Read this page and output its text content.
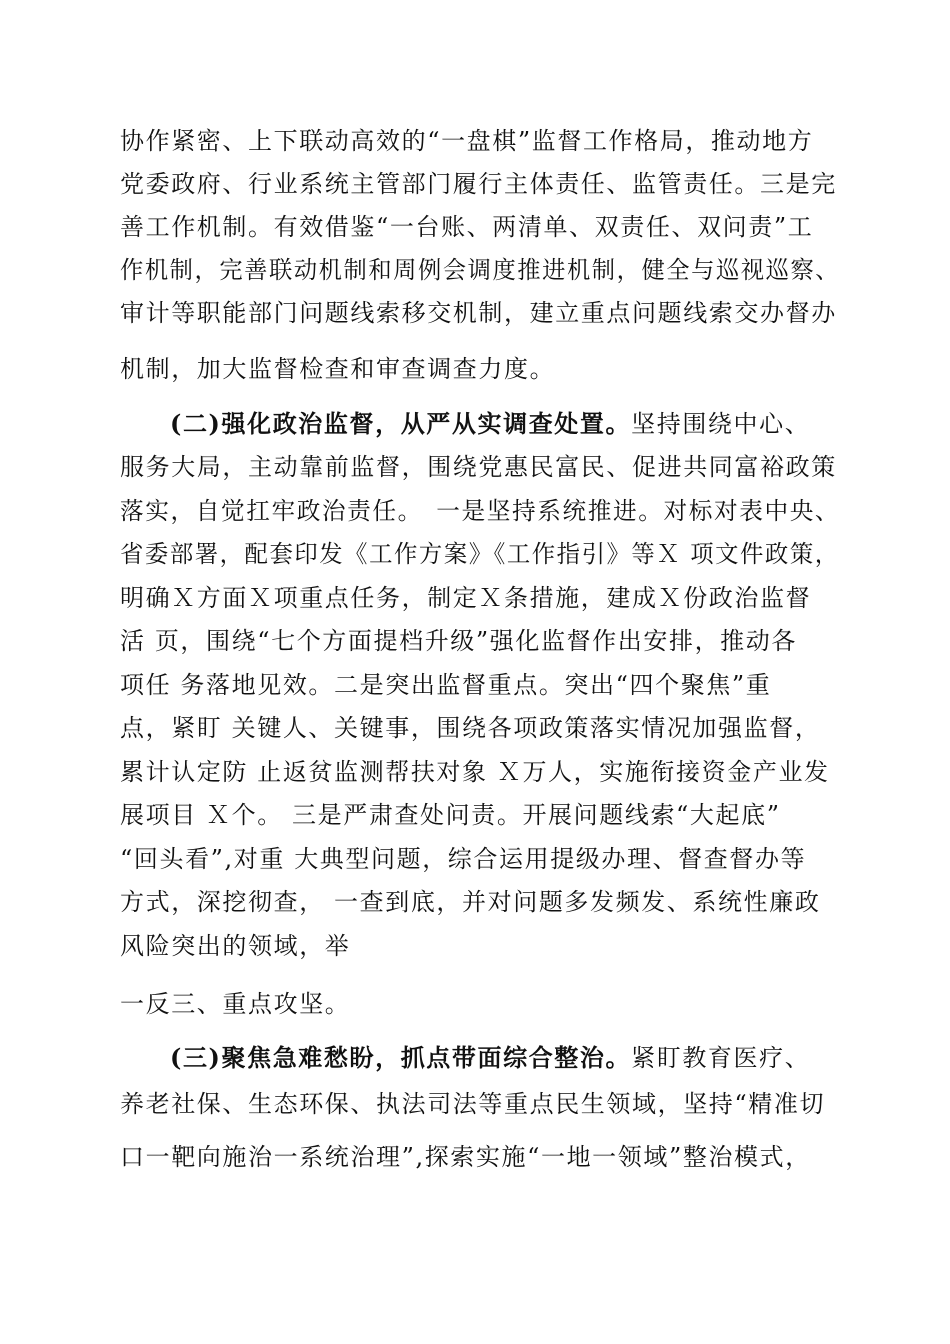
协作紧密、上下联动高效的“一盘棋”监督工作格局，推动地方
党委政府、行业系统主管部门履行主体责任、监管责任。三是完
善工作机制。有效借鉴“一台账、两清单、双责任、双问责”工
作机制，完善联动机制和周例会调度推进机制，健全与巡视巡察、
审计等职能部门问题线索移交机制，建立重点问题线索交办督办
机制，加大监督检查和审查调查力度。
(二)强化政治监督，从严从实调查处置。坚持围绕中心、
服务大局，主动靠前监督，围绕党惠民富民、促进共同富裕政策
落实，自觉扛牢政治责任。　一是坚持系统推进。对标对表中央、
省委部署，配套印发《工作方案》《工作指引》等Ｘ 项文件政策，
明确Ｘ方面Ｘ项重点任务，制定Ｘ条措施，建成Ｘ份政治监督
活 页，围绕“七个方面提档升级”强化监督作出安排，推动各
项任 务落地见效。二是突出监督重点。突出“四个聚焦”重
点，紧盯 关键人、关键事，围绕各项政策落实情况加强监督，
累计认定防 止返贫监测帮扶对象 Ｘ万人，实施衔接资金产业发
展项目 Ｘ个。 三是严肃查处问责。开展问题线索“大起底”
“回头看”,对重 大典型问题，综合运用提级办理、督查督办等
方式，深挖彻查， 一查到底，并对问题多发频发、系统性廉政
风险突出的领域，举
一反三、重点攻坚。
(三)聚焦急难愁盼，抓点带面综合整治。紧盯教育医疗、
养老社保、生态环保、执法司法等重点民生领域，坚持“精准切
口一靶向施治一系统治理”,探索实施“一地一领域”整治模式，
